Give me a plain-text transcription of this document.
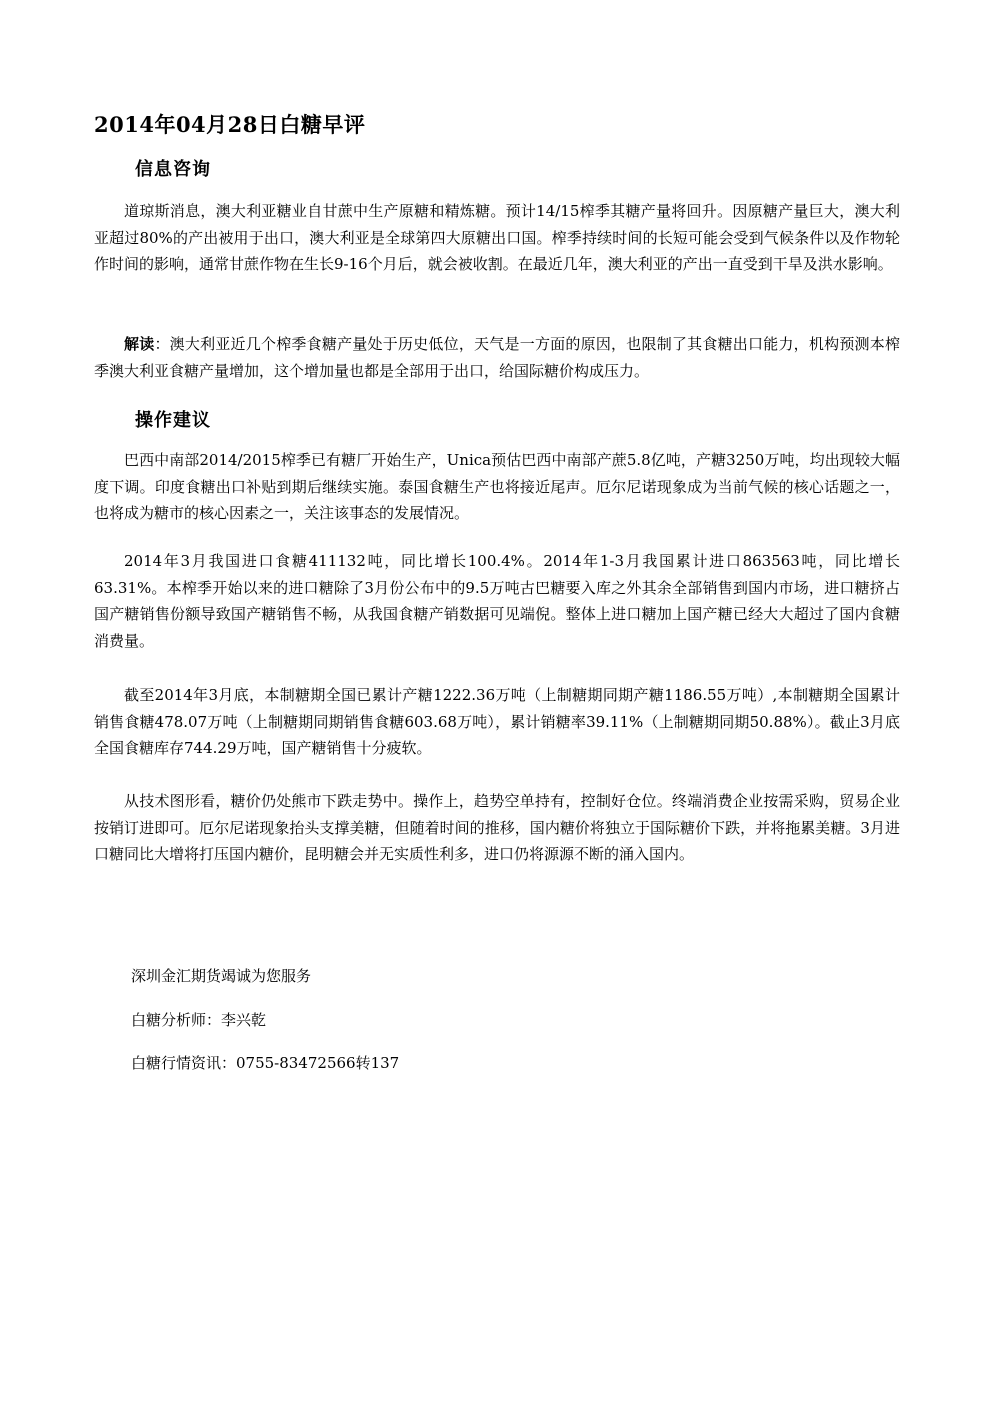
2014年04月28日白糖早评
信息咨询

道琼斯消息，澳大利亚糖业自甘蔗中生产原糖和精炼糖。预计14/15榨季其糖产量将回升。因原糖产量巨大，澳大利亚超过80%的产出被用于出口，澳大利亚是全球第四大原糖出口国。榨季持续时间的长短可能会受到气候条件以及作物轮作时间的影响，通常甘蔗作物在生长9-16个月后，就会被收割。在最近几年，澳大利亚的产出一直受到干旱及洪水影响。

解读：澳大利亚近几个榨季食糖产量处于历史低位，天气是一方面的原因，也限制了其食糖出口能力，机构预测本榨季澳大利亚食糖产量增加，这个增加量也都是全部用于出口，给国际糖价构成压力。

操作建议

巴西中南部2014/2015榨季已有糖厂开始生产，Unica预估巴西中南部产蔗5.8亿吨，产糖3250万吨，均出现较大幅度下调。印度食糖出口补贴到期后继续实施。泰国食糖生产也将接近尾声。厄尔尼诺现象成为当前气候的核心话题之一，也将成为糖市的核心因素之一，关注该事态的发展情况。

2014年3月我国进口食糖411132吨，同比增长100.4%。2014年1-3月我国累计进口863563吨，同比增长63.31%。本榨季开始以来的进口糖除了3月份公布中的9.5万吨古巴糖要入库之外其余全部销售到国内市场，进口糖挤占国产糖销售份额导致国产糖销售不畅，从我国食糖产销数据可见端倪。整体上进口糖加上国产糖已经大大超过了国内食糖消费量。

截至2014年3月底，本制糖期全国已累计产糖1222.36万吨（上制糖期同期产糖1186.55万吨）,本制糖期全国累计销售食糖478.07万吨（上制糖期同期销售食糖603.68万吨），累计销糖率39.11%（上制糖期同期50.88%）。截止3月底全国食糖库存744.29万吨，国产糖销售十分疲软。

从技术图形看，糖价仍处熊市下跌走势中。操作上，趋势空单持有，控制好仓位。终端消费企业按需采购，贸易企业按销订进即可。厄尔尼诺现象抬头支撑美糖，但随着时间的推移，国内糖价将独立于国际糖价下跌，并将拖累美糖。3月进口糖同比大增将打压国内糖价，昆明糖会并无实质性利多，进口仍将源源不断的涌入国内。

深圳金汇期货竭诚为您服务
白糖分析师：李兴乾
白糖行情资讯：0755-83472566转137
